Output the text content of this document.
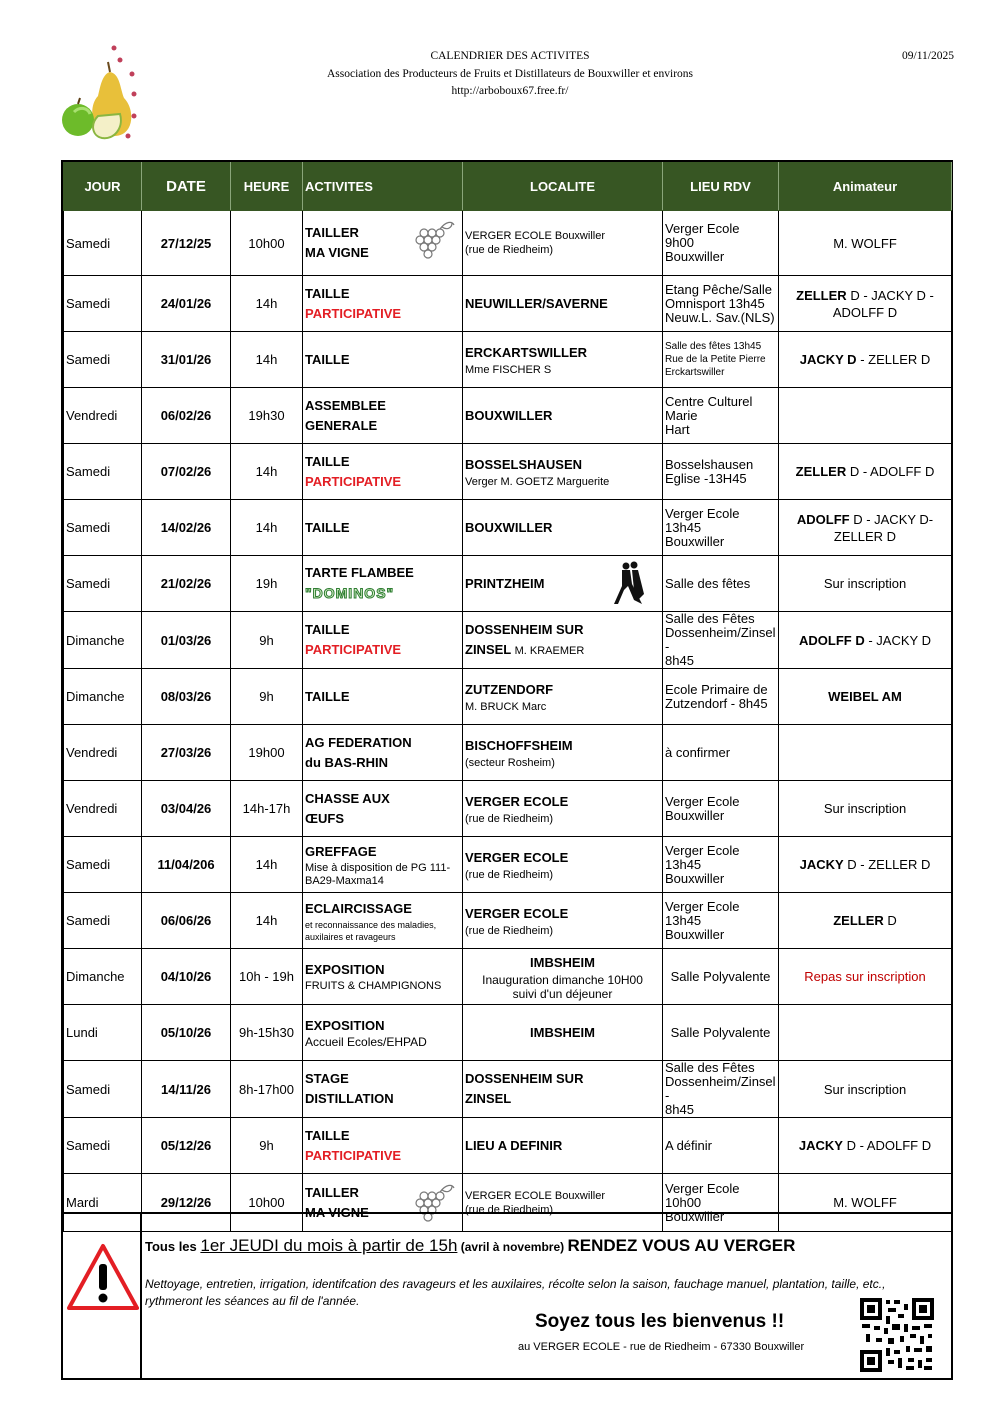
CALENDRIER DES ACTIVITES
Association des Producteurs de Fruits et Distillateurs de Bouxwiller et environs
http://arboboux67.free.fr/
09/11/2025
JOUR	DATE	HEURE	ACTIVITES	LOCALITE	LIEU RDV	Animateur
Samedi	27/12/25	10h00	TAILLER
MA VIGNE	VERGER ECOLE Bouxwiller
(rue de Riedheim)	Verger Ecole
9h00
Bouxwiller	M. WOLFF
Samedi	24/01/26	14h	TAILLE
PARTICIPATIVE	NEUWILLER/SAVERNE	Etang Pêche/Salle
Omnisport 13h45
Neuw.L. Sav.(NLS)	ZELLER D - JACKY D - ADOLFF D
Samedi	31/01/26	14h	TAILLE	ERCKARTSWILLER
Mme FISCHER S	Salle des fêtes 13h45
Rue de la Petite Pierre
Erckartswiller	JACKY D - ZELLER D
Vendredi	06/02/26	19h30	ASSEMBLEE
GENERALE	BOUXWILLER	Centre Culturel Marie
Hart	
Samedi	07/02/26	14h	TAILLE
PARTICIPATIVE	BOSSELSHAUSEN
Verger M. GOETZ Marguerite	Bosselshausen
Eglise -13H45	ZELLER D - ADOLFF D
Samedi	14/02/26	14h	TAILLE	BOUXWILLER	Verger Ecole
13h45
Bouxwiller	ADOLFF D - JACKY D- ZELLER D
Samedi	21/02/26	19h	TARTE FLAMBEE
"DOMINOS"	PRINTZHEIM	Salle des fêtes	Sur inscription
Dimanche	01/03/26	9h	TAILLE
PARTICIPATIVE	DOSSENHEIM SUR
ZINSEL M. KRAEMER	Salle des Fêtes
Dossenheim/Zinsel -
8h45	ADOLFF D - JACKY D
Dimanche	08/03/26	9h	TAILLE	ZUTZENDORF
M. BRUCK Marc	Ecole Primaire de
Zutzendorf - 8h45	WEIBEL AM
Vendredi	27/03/26	19h00	AG FEDERATION
du BAS-RHIN	BISCHOFFSHEIM
(secteur Rosheim)	à confirmer	
Vendredi	03/04/26	14h-17h	CHASSE AUX
ŒUFS	VERGER ECOLE
(rue de Riedheim)	Verger Ecole
Bouxwiller	Sur inscription
Samedi	11/04/206	14h	GREFFAGE
Mise à disposition de PG 111-BA29-Maxma14	VERGER ECOLE
(rue de Riedheim)	Verger Ecole
13h45
Bouxwiller	JACKY D - ZELLER D
Samedi	06/06/26	14h	ECLAIRCISSAGE
et reconnaissance des maladies, auxilaires et ravageurs	VERGER ECOLE
(rue de Riedheim)	Verger Ecole
13h45
Bouxwiller	ZELLER D
Dimanche	04/10/26	10h - 19h	EXPOSITION
FRUITS & CHAMPIGNONS	IMBSHEIM
Inauguration dimanche 10H00
suivi d'un déjeuner	Salle Polyvalente	Repas sur inscription
Lundi	05/10/26	9h-15h30	EXPOSITION
Accueil Ecoles/EHPAD	IMBSHEIM	Salle Polyvalente	
Samedi	14/11/26	8h-17h00	STAGE
DISTILLATION	DOSSENHEIM SUR
ZINSEL	Salle des Fêtes
Dossenheim/Zinsel -
8h45	Sur inscription
Samedi	05/12/26	9h	TAILLE
PARTICIPATIVE	LIEU A DEFINIR	A définir	JACKY D - ADOLFF D
Mardi	29/12/26	10h00	TAILLER
MA VIGNE	VERGER ECOLE Bouxwiller
(rue de Riedheim)	Verger Ecole
10h00
Bouxwiller	M. WOLFF
Tous les 1er JEUDI du mois à partir de 15h (avril à novembre) RENDEZ VOUS AU VERGER
Nettoyage, entretien, irrigation, identifcation des ravageurs et les auxilaires, récolte selon la saison, fauchage manuel, plantation, taille, etc., rythmeront les séances au fil de l'année.
Soyez tous les bienvenus !!
au VERGER ECOLE - rue de Riedheim - 67330 Bouxwiller
